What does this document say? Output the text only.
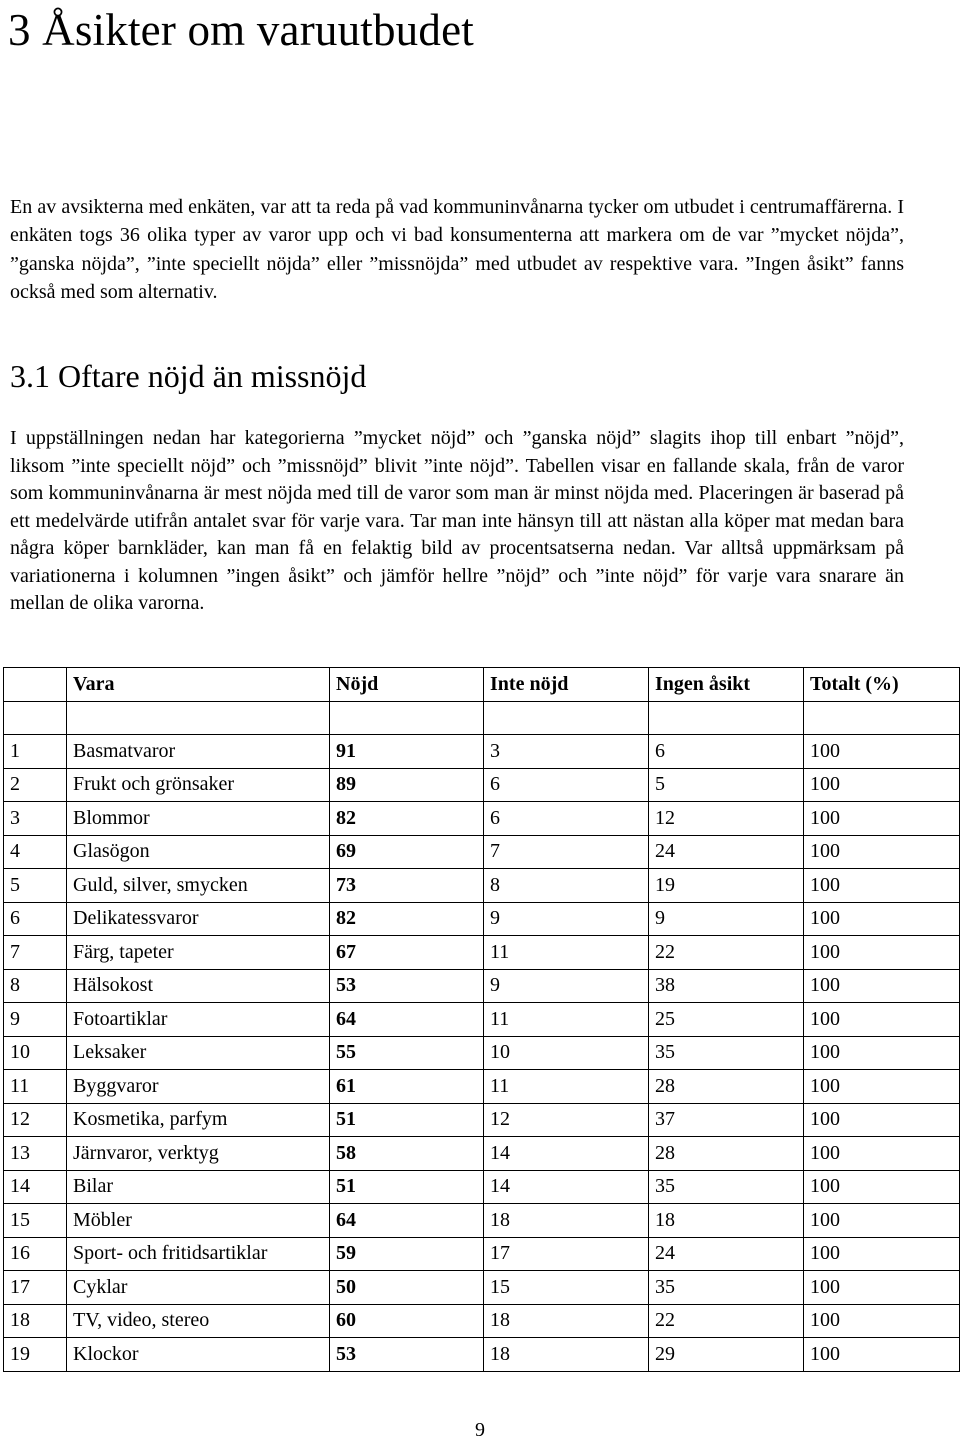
3 Åsikter om varuutbudet

En av avsikterna med enkäten, var att ta reda på vad kommuninvånarna tycker om utbudet i centrumaffärerna. I enkäten togs 36 olika typer av varor upp och vi bad konsumenterna att markera om de var ”mycket nöjda”, ”ganska nöjda”, ”inte speciellt nöjda” eller ”missnöjda” med utbudet av respektive vara. ”Ingen åsikt” fanns också med som alternativ.

3.1 Oftare nöjd än missnöjd

I uppställningen nedan har kategorierna ”mycket nöjd” och ”ganska nöjd” slagits ihop till enbart ”nöjd”, liksom ”inte speciellt nöjd” och ”missnöjd” blivit ”inte nöjd”. Tabellen visar en fallande skala, från de varor som kommuninvånarna är mest nöjda med till de varor som man är minst nöjda med. Placeringen är baserad på ett medelvärde utifrån antalet svar för varje vara. Tar man inte hänsyn till att nästan alla köper mat medan bara några köper barnkläder, kan man få en felaktig bild av procentsatserna nedan. Var alltså uppmärksam på variationerna i kolumnen ”ingen åsikt” och jämför hellre ”nöjd” och ”inte nöjd” för varje vara snarare än mellan de olika varorna.

	Vara	Nöjd	Inte nöjd	Ingen åsikt	Totalt (%)

1	Basmatvaror	91	3	6	100
2	Frukt och grönsaker	89	6	5	100
3	Blommor	82	6	12	100
4	Glasögon	69	7	24	100
5	Guld, silver, smycken	73	8	19	100
6	Delikatessvaror	82	9	9	100
7	Färg, tapeter	67	11	22	100
8	Hälsokost	53	9	38	100
9	Fotoartiklar	64	11	25	100
10	Leksaker	55	10	35	100
11	Byggvaror	61	11	28	100
12	Kosmetika, parfym	51	12	37	100
13	Järnvaror, verktyg	58	14	28	100
14	Bilar	51	14	35	100
15	Möbler	64	18	18	100
16	Sport- och fritidsartiklar	59	17	24	100
17	Cyklar	50	15	35	100
18	TV, video, stereo	60	18	22	100
19	Klockor	53	18	29	100
9
